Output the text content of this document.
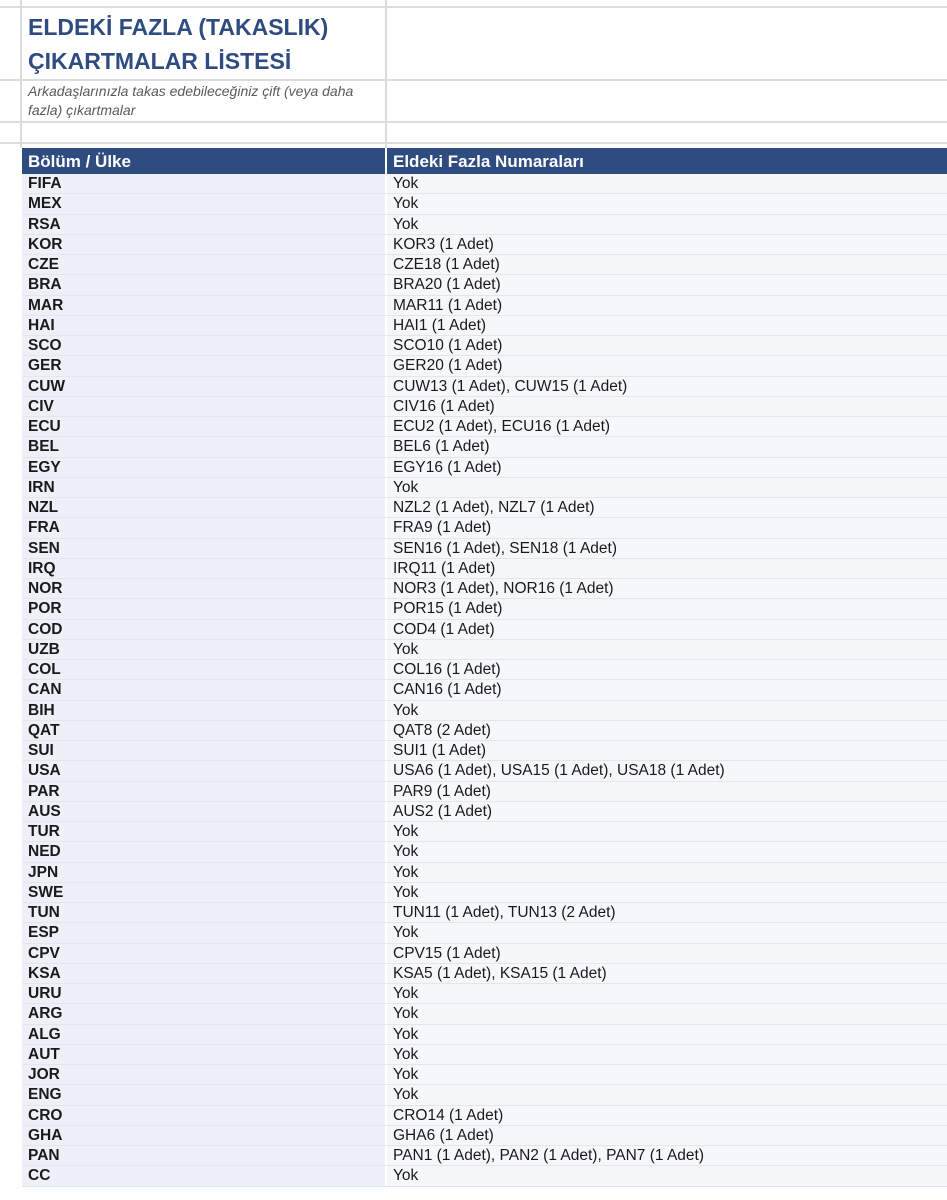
ELDEKİ FAZLA (TAKASLIK)
ÇIKARTMALAR LİSTESİ
Arkadaşlarınızla takas edebileceğiniz çift (veya daha fazla) çıkartmalar
Bölüm / Ülke	Eldeki Fazla Numaraları
FIFA	Yok
MEX	Yok
RSA	Yok
KOR	KOR3 (1 Adet)
CZE	CZE18 (1 Adet)
BRA	BRA20 (1 Adet)
MAR	MAR11 (1 Adet)
HAI	HAI1 (1 Adet)
SCO	SCO10 (1 Adet)
GER	GER20 (1 Adet)
CUW	CUW13 (1 Adet), CUW15 (1 Adet)
CIV	CIV16 (1 Adet)
ECU	ECU2 (1 Adet), ECU16 (1 Adet)
BEL	BEL6 (1 Adet)
EGY	EGY16 (1 Adet)
IRN	Yok
NZL	NZL2 (1 Adet), NZL7 (1 Adet)
FRA	FRA9 (1 Adet)
SEN	SEN16 (1 Adet), SEN18 (1 Adet)
IRQ	IRQ11 (1 Adet)
NOR	NOR3 (1 Adet), NOR16 (1 Adet)
POR	POR15 (1 Adet)
COD	COD4 (1 Adet)
UZB	Yok
COL	COL16 (1 Adet)
CAN	CAN16 (1 Adet)
BIH	Yok
QAT	QAT8 (2 Adet)
SUI	SUI1 (1 Adet)
USA	USA6 (1 Adet), USA15 (1 Adet), USA18 (1 Adet)
PAR	PAR9 (1 Adet)
AUS	AUS2 (1 Adet)
TUR	Yok
NED	Yok
JPN	Yok
SWE	Yok
TUN	TUN11 (1 Adet), TUN13 (2 Adet)
ESP	Yok
CPV	CPV15 (1 Adet)
KSA	KSA5 (1 Adet), KSA15 (1 Adet)
URU	Yok
ARG	Yok
ALG	Yok
AUT	Yok
JOR	Yok
ENG	Yok
CRO	CRO14 (1 Adet)
GHA	GHA6 (1 Adet)
PAN	PAN1 (1 Adet), PAN2 (1 Adet), PAN7 (1 Adet)
CC	Yok
